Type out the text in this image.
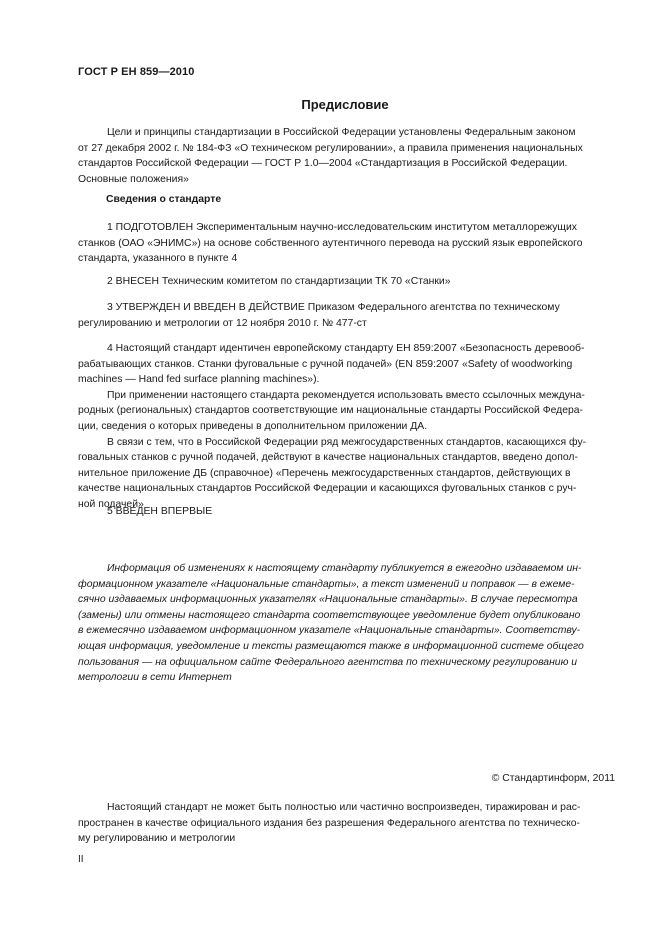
ГОСТ Р ЕН 859—2010
Предисловие
Цели и принципы стандартизации в Российской Федерации установлены Федеральным законом
от 27 декабря 2002 г. № 184-ФЗ «О техническом регулировании», а правила применения национальных
стандартов Российской Федерации — ГОСТ Р 1.0—2004 «Стандартизация в Российской Федерации.
Основные положения»
Сведения о стандарте
1 ПОДГОТОВЛЕН Экспериментальным научно-исследовательским институтом металлорежущих
станков (ОАО «ЭНИМС») на основе собственного аутентичного перевода на русский язык европейского
стандарта, указанного в пункте 4
2 ВНЕСЕН Техническим комитетом по стандартизации ТК 70 «Станки»
3 УТВЕРЖДЕН И ВВЕДЕН В ДЕЙСТВИЕ Приказом Федерального агентства по техническому
регулированию и метрологии от 12 ноября 2010 г. № 477-ст
4 Настоящий стандарт идентичен европейскому стандарту ЕН 859:2007 «Безопасность деревооб-
рабатывающих станков. Станки фуговальные с ручной подачей» (EN 859:2007 «Safety of woodworking
machines — Hand fed surface planning machines»).
При применении настоящего стандарта рекомендуется использовать вместо ссылочных междуна-
родных (региональных) стандартов соответствующие им национальные стандарты Российской Федера-
ции, сведения о которых приведены в дополнительном приложении ДА.
В связи с тем, что в Российской Федерации ряд межгосударственных стандартов, касающихся фу-
говальных станков с ручной подачей, действуют в качестве национальных стандартов, введено допол-
нительное приложение ДБ (справочное) «Перечень межгосударственных стандартов, действующих в
качестве национальных стандартов Российской Федерации и касающихся фуговальных станков с руч-
ной подачей»
5 ВВЕДЕН ВПЕРВЫЕ
Информация об изменениях к настоящему стандарту публикуется в ежегодно издаваемом ин-
формационном указателе «Национальные стандарты», а текст изменений и поправок — в ежеме-
сячно издаваемых информационных указателях «Национальные стандарты». В случае пересмотра
(замены) или отмены настоящего стандарта соответствующее уведомление будет опубликовано
в ежемесячно издаваемом информационном указателе «Национальные стандарты». Соответству-
ющая информация, уведомление и тексты размещаются также в информационной системе общего
пользования — на официальном сайте Федерального агентства по техническому регулированию и
метрологии в сети Интернет
© Стандартинформ, 2011
Настоящий стандарт не может быть полностью или частично воспроизведен, тиражирован и рас-
пространен в качестве официального издания без разрешения Федерального агентства по техническо-
му регулированию и метрологии
II
